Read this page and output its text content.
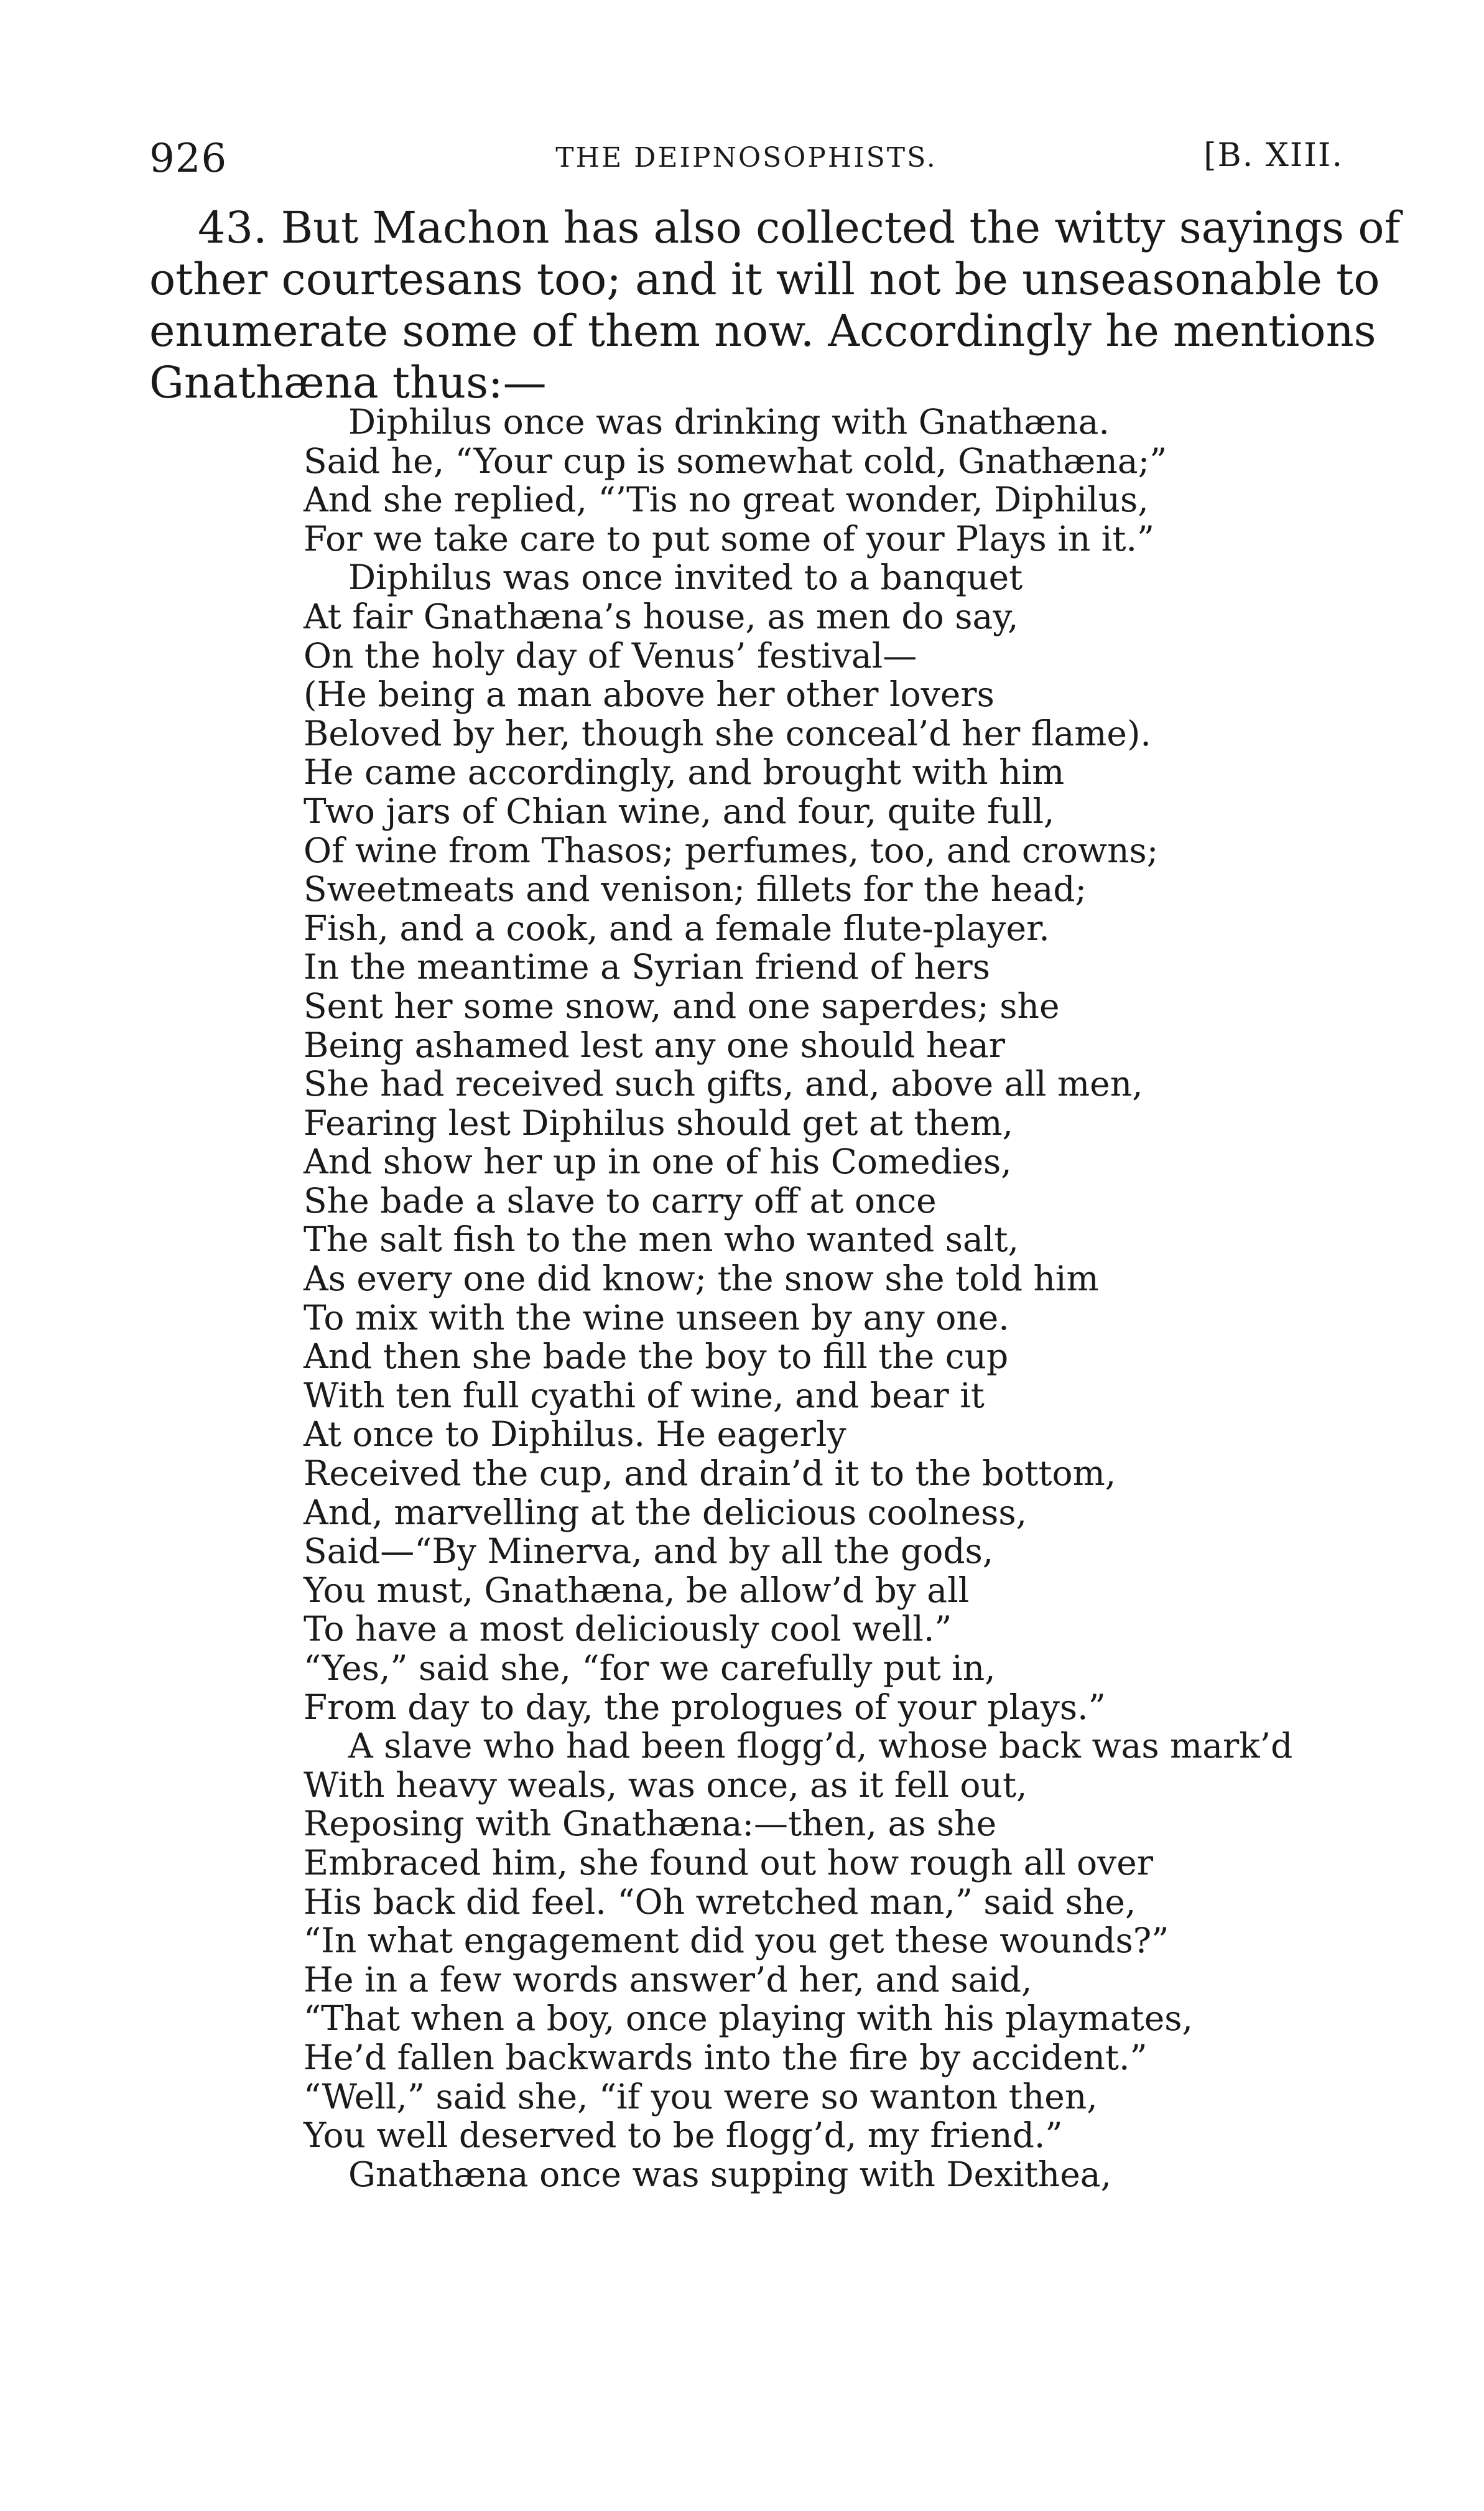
926	THE DEIPNOSOPHISTS.	[B. XIII.
43. But Machon has also collected the witty sayings of
other courtesans too; and it will not be unseasonable to
enumerate some of them now. Accordingly he mentions
Gnathæna thus:—
Diphilus once was drinking with Gnathæna.
Said he, “Your cup is somewhat cold, Gnathæna;”
And she replied, “’Tis no great wonder, Diphilus,
For we take care to put some of your Plays in it.”
Diphilus was once invited to a banquet
At fair Gnathæna’s house, as men do say,
On the holy day of Venus’ festival—
(He being a man above her other lovers
Beloved by her, though she conceal’d her flame).
He came accordingly, and brought with him
Two jars of Chian wine, and four, quite full,
Of wine from Thasos; perfumes, too, and crowns;
Sweetmeats and venison; fillets for the head;
Fish, and a cook, and a female flute-player.
In the meantime a Syrian friend of hers
Sent her some snow, and one saperdes; she
Being ashamed lest any one should hear
She had received such gifts, and, above all men,
Fearing lest Diphilus should get at them,
And show her up in one of his Comedies,
She bade a slave to carry off at once
The salt fish to the men who wanted salt,
As every one did know; the snow she told him
To mix with the wine unseen by any one.
And then she bade the boy to fill the cup
With ten full cyathi of wine, and bear it
At once to Diphilus. He eagerly
Received the cup, and drain’d it to the bottom,
And, marvelling at the delicious coolness,
Said—“By Minerva, and by all the gods,
You must, Gnathæna, be allow’d by all
To have a most deliciously cool well.”
“Yes,” said she, “for we carefully put in,
From day to day, the prologues of your plays.”
A slave who had been flogg’d, whose back was mark’d
With heavy weals, was once, as it fell out,
Reposing with Gnathæna:—then, as she
Embraced him, she found out how rough all over
His back did feel. “Oh wretched man,” said she,
“In what engagement did you get these wounds?”
He in a few words answer’d her, and said,
“That when a boy, once playing with his playmates,
He’d fallen backwards into the fire by accident.”
“Well,” said she, “if you were so wanton then,
You well deserved to be flogg’d, my friend.”
Gnathæna once was supping with Dexithea,
